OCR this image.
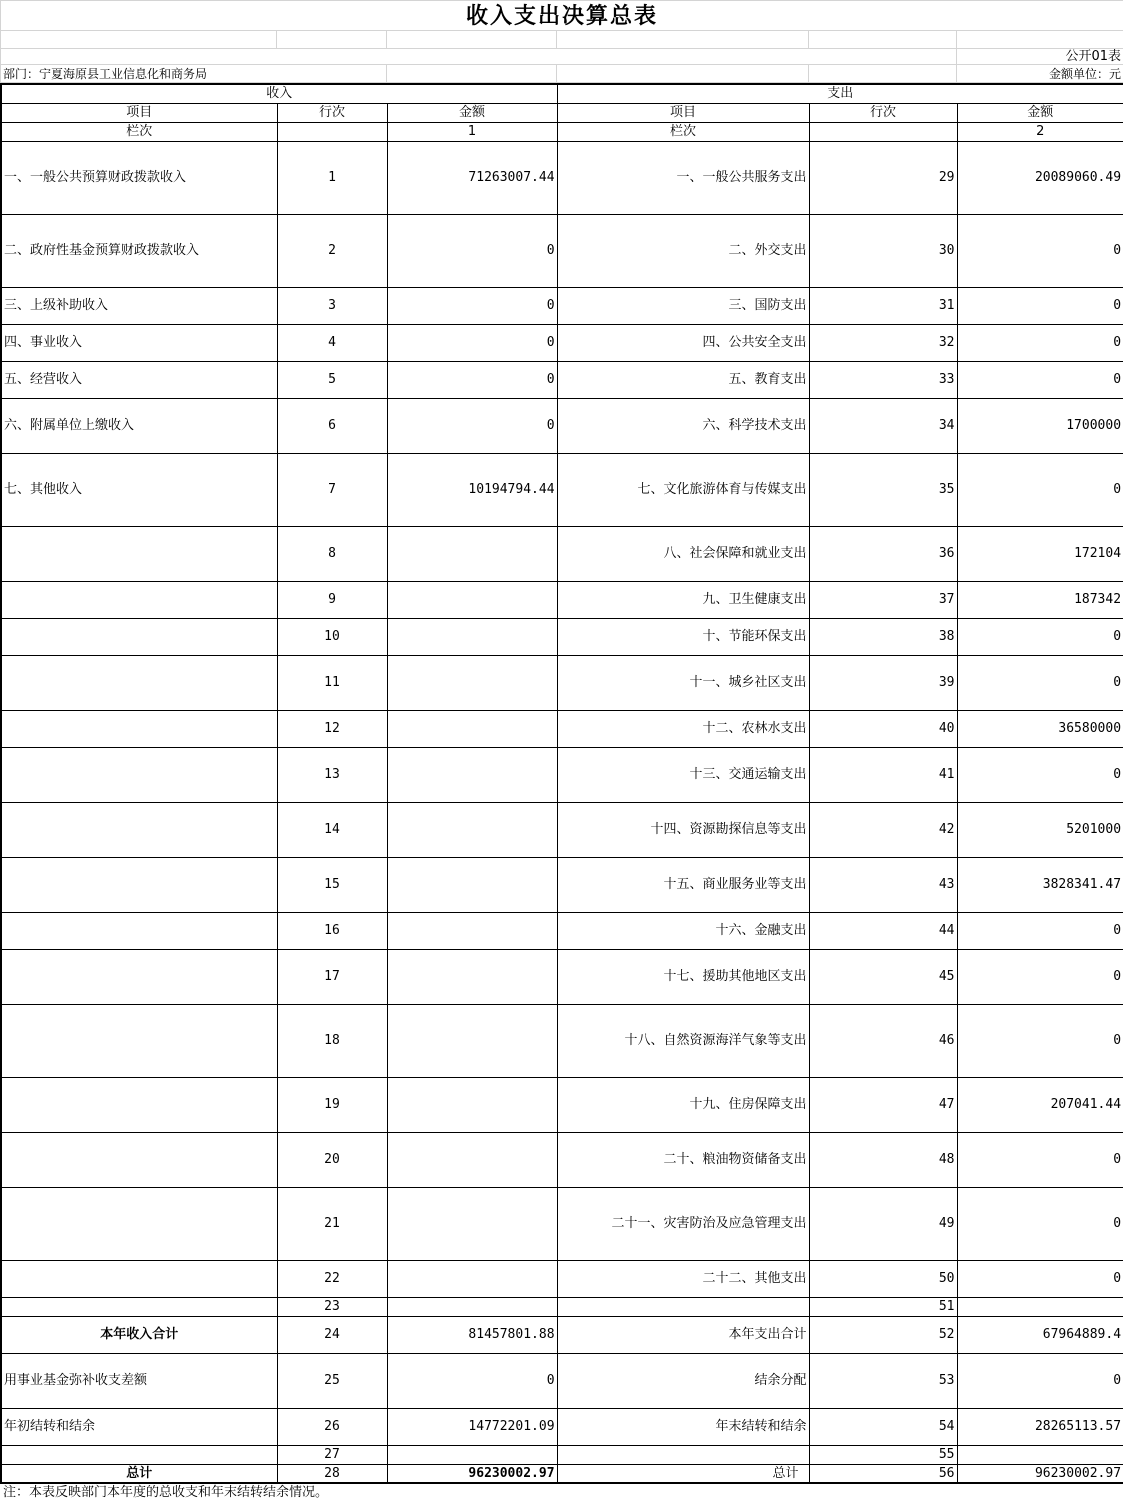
收入支出决算总表					

					公开01表
部门：宁夏海原县工业信息化和商务局					金额单位：元
收入			支出		
项目	行次	金额	项目	行次	金额
栏次		1	栏次		2
一、一般公共预算财政拨款收入	1	71263007.44	一、一般公共服务支出	29	20089060.49
二、政府性基金预算财政拨款收入	2	0	二、外交支出	30	0
三、上级补助收入	3	0	三、国防支出	31	0
四、事业收入	4	0	四、公共安全支出	32	0
五、经营收入	5	0	五、教育支出	33	0
六、附属单位上缴收入	6	0	六、科学技术支出	34	1700000
七、其他收入	7	10194794.44	七、文化旅游体育与传媒支出	35	0
	8		八、社会保障和就业支出	36	172104
	9		九、卫生健康支出	37	187342
	10		十、节能环保支出	38	0
	11		十一、城乡社区支出	39	0
	12		十二、农林水支出	40	36580000
	13		十三、交通运输支出	41	0
	14		十四、资源勘探信息等支出	42	5201000
	15		十五、商业服务业等支出	43	3828341.47
	16		十六、金融支出	44	0
	17		十七、援助其他地区支出	45	0
	18		十八、自然资源海洋气象等支出	46	0
	19		十九、住房保障支出	47	207041.44
	20		二十、粮油物资储备支出	48	0
	21		二十一、灾害防治及应急管理支出	49	0
	22		二十二、其他支出	50	0
	23			51	
本年收入合计	24	81457801.88	本年支出合计	52	67964889.4
用事业基金弥补收支差额	25	0	结余分配	53	0
年初结转和结余	26	14772201.09	年末结转和结余	54	28265113.57
	27			55	
总计	28	96230002.97	总计	56	96230002.97
注：本表反映部门本年度的总收支和年末结转结余情况。
